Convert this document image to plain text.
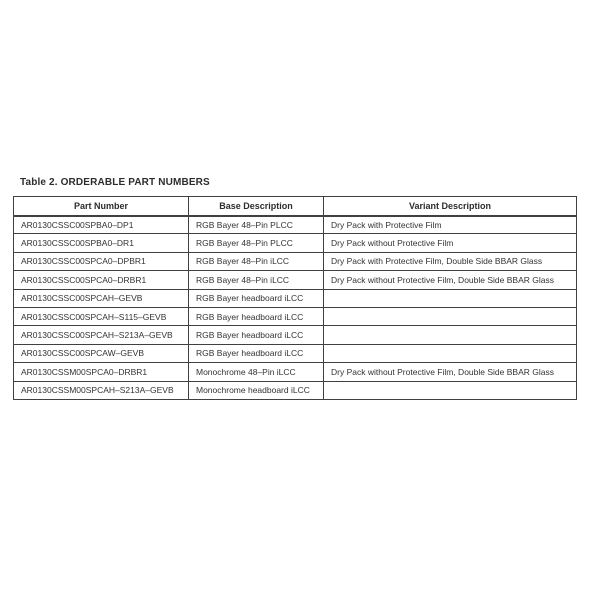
Table 2. ORDERABLE PART NUMBERS
Part Number	Base Description	Variant Description
AR0130CSSC00SPBA0–DP1	RGB Bayer 48–Pin PLCC	Dry Pack with Protective Film
AR0130CSSC00SPBA0–DR1	RGB Bayer 48–Pin PLCC	Dry Pack without Protective Film
AR0130CSSC00SPCA0–DPBR1	RGB Bayer 48–Pin iLCC	Dry Pack with Protective Film, Double Side BBAR Glass
AR0130CSSC00SPCA0–DRBR1	RGB Bayer 48–Pin iLCC	Dry Pack without Protective Film, Double Side BBAR Glass
AR0130CSSC00SPCAH–GEVB	RGB Bayer headboard iLCC	
AR0130CSSC00SPCAH–S115–GEVB	RGB Bayer headboard iLCC	
AR0130CSSC00SPCAH–S213A–GEVB	RGB Bayer headboard iLCC	
AR0130CSSC00SPCAW–GEVB	RGB Bayer headboard iLCC	
AR0130CSSM00SPCA0–DRBR1	Monochrome 48–Pin iLCC	Dry Pack without Protective Film, Double Side BBAR Glass
AR0130CSSM00SPCAH–S213A–GEVB	Monochrome headboard iLCC	
